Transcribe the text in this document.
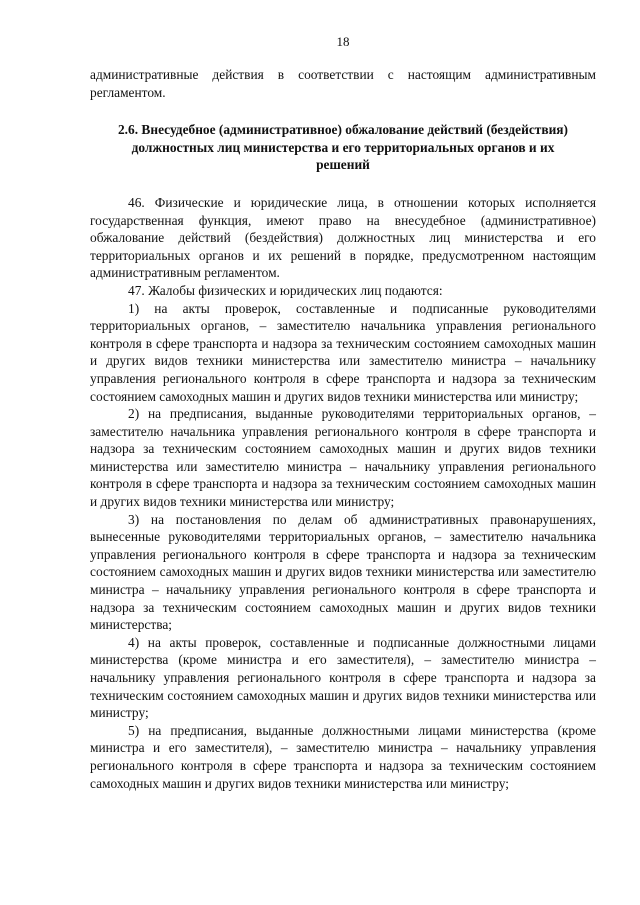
18

административные действия в соответствии с настоящим административным регламентом.

2.6. Внесудебное (административное) обжалование действий (бездействия) должностных лиц министерства и его территориальных органов и их решений

46. Физические и юридические лица, в отношении которых исполняется государственная функция, имеют право на внесудебное (административное) обжалование действий (бездействия) должностных лиц министерства и его территориальных органов и их решений в порядке, предусмотренном настоящим административным регламентом.

47. Жалобы физических и юридических лиц подаются:

1) на акты проверок, составленные и подписанные руководителями территориальных органов, – заместителю начальника управления регионального контроля в сфере транспорта и надзора за техническим состоянием самоходных машин и других видов техники министерства или заместителю министра – начальнику управления регионального контроля в сфере транспорта и надзора за техническим состоянием самоходных машин и других видов техники министерства или министру;

2) на предписания, выданные руководителями территориальных органов, – заместителю начальника управления регионального контроля в сфере транспорта и надзора за техническим состоянием самоходных машин и других видов техники министерства или заместителю министра – начальнику управления регионального контроля в сфере транспорта и надзора за техническим состоянием самоходных машин и других видов техники министерства или министру;

3) на постановления по делам об административных правонарушениях, вынесенные руководителями территориальных органов, – заместителю начальника управления регионального контроля в сфере транспорта и надзора за техническим состоянием самоходных машин и других видов техники министерства или заместителю министра – начальнику управления регионального контроля в сфере транспорта и надзора за техническим состоянием самоходных машин и других видов техники министерства;

4) на акты проверок, составленные и подписанные должностными лицами министерства (кроме министра и его заместителя), – заместителю министра – начальнику управления регионального контроля в сфере транспорта и надзора за техническим состоянием самоходных машин и других видов техники министерства или министру;

5) на предписания, выданные должностными лицами министерства (кроме министра и его заместителя), – заместителю министра – начальнику управления регионального контроля в сфере транспорта и надзора за техническим состоянием самоходных машин и других видов техники министерства или министру;
